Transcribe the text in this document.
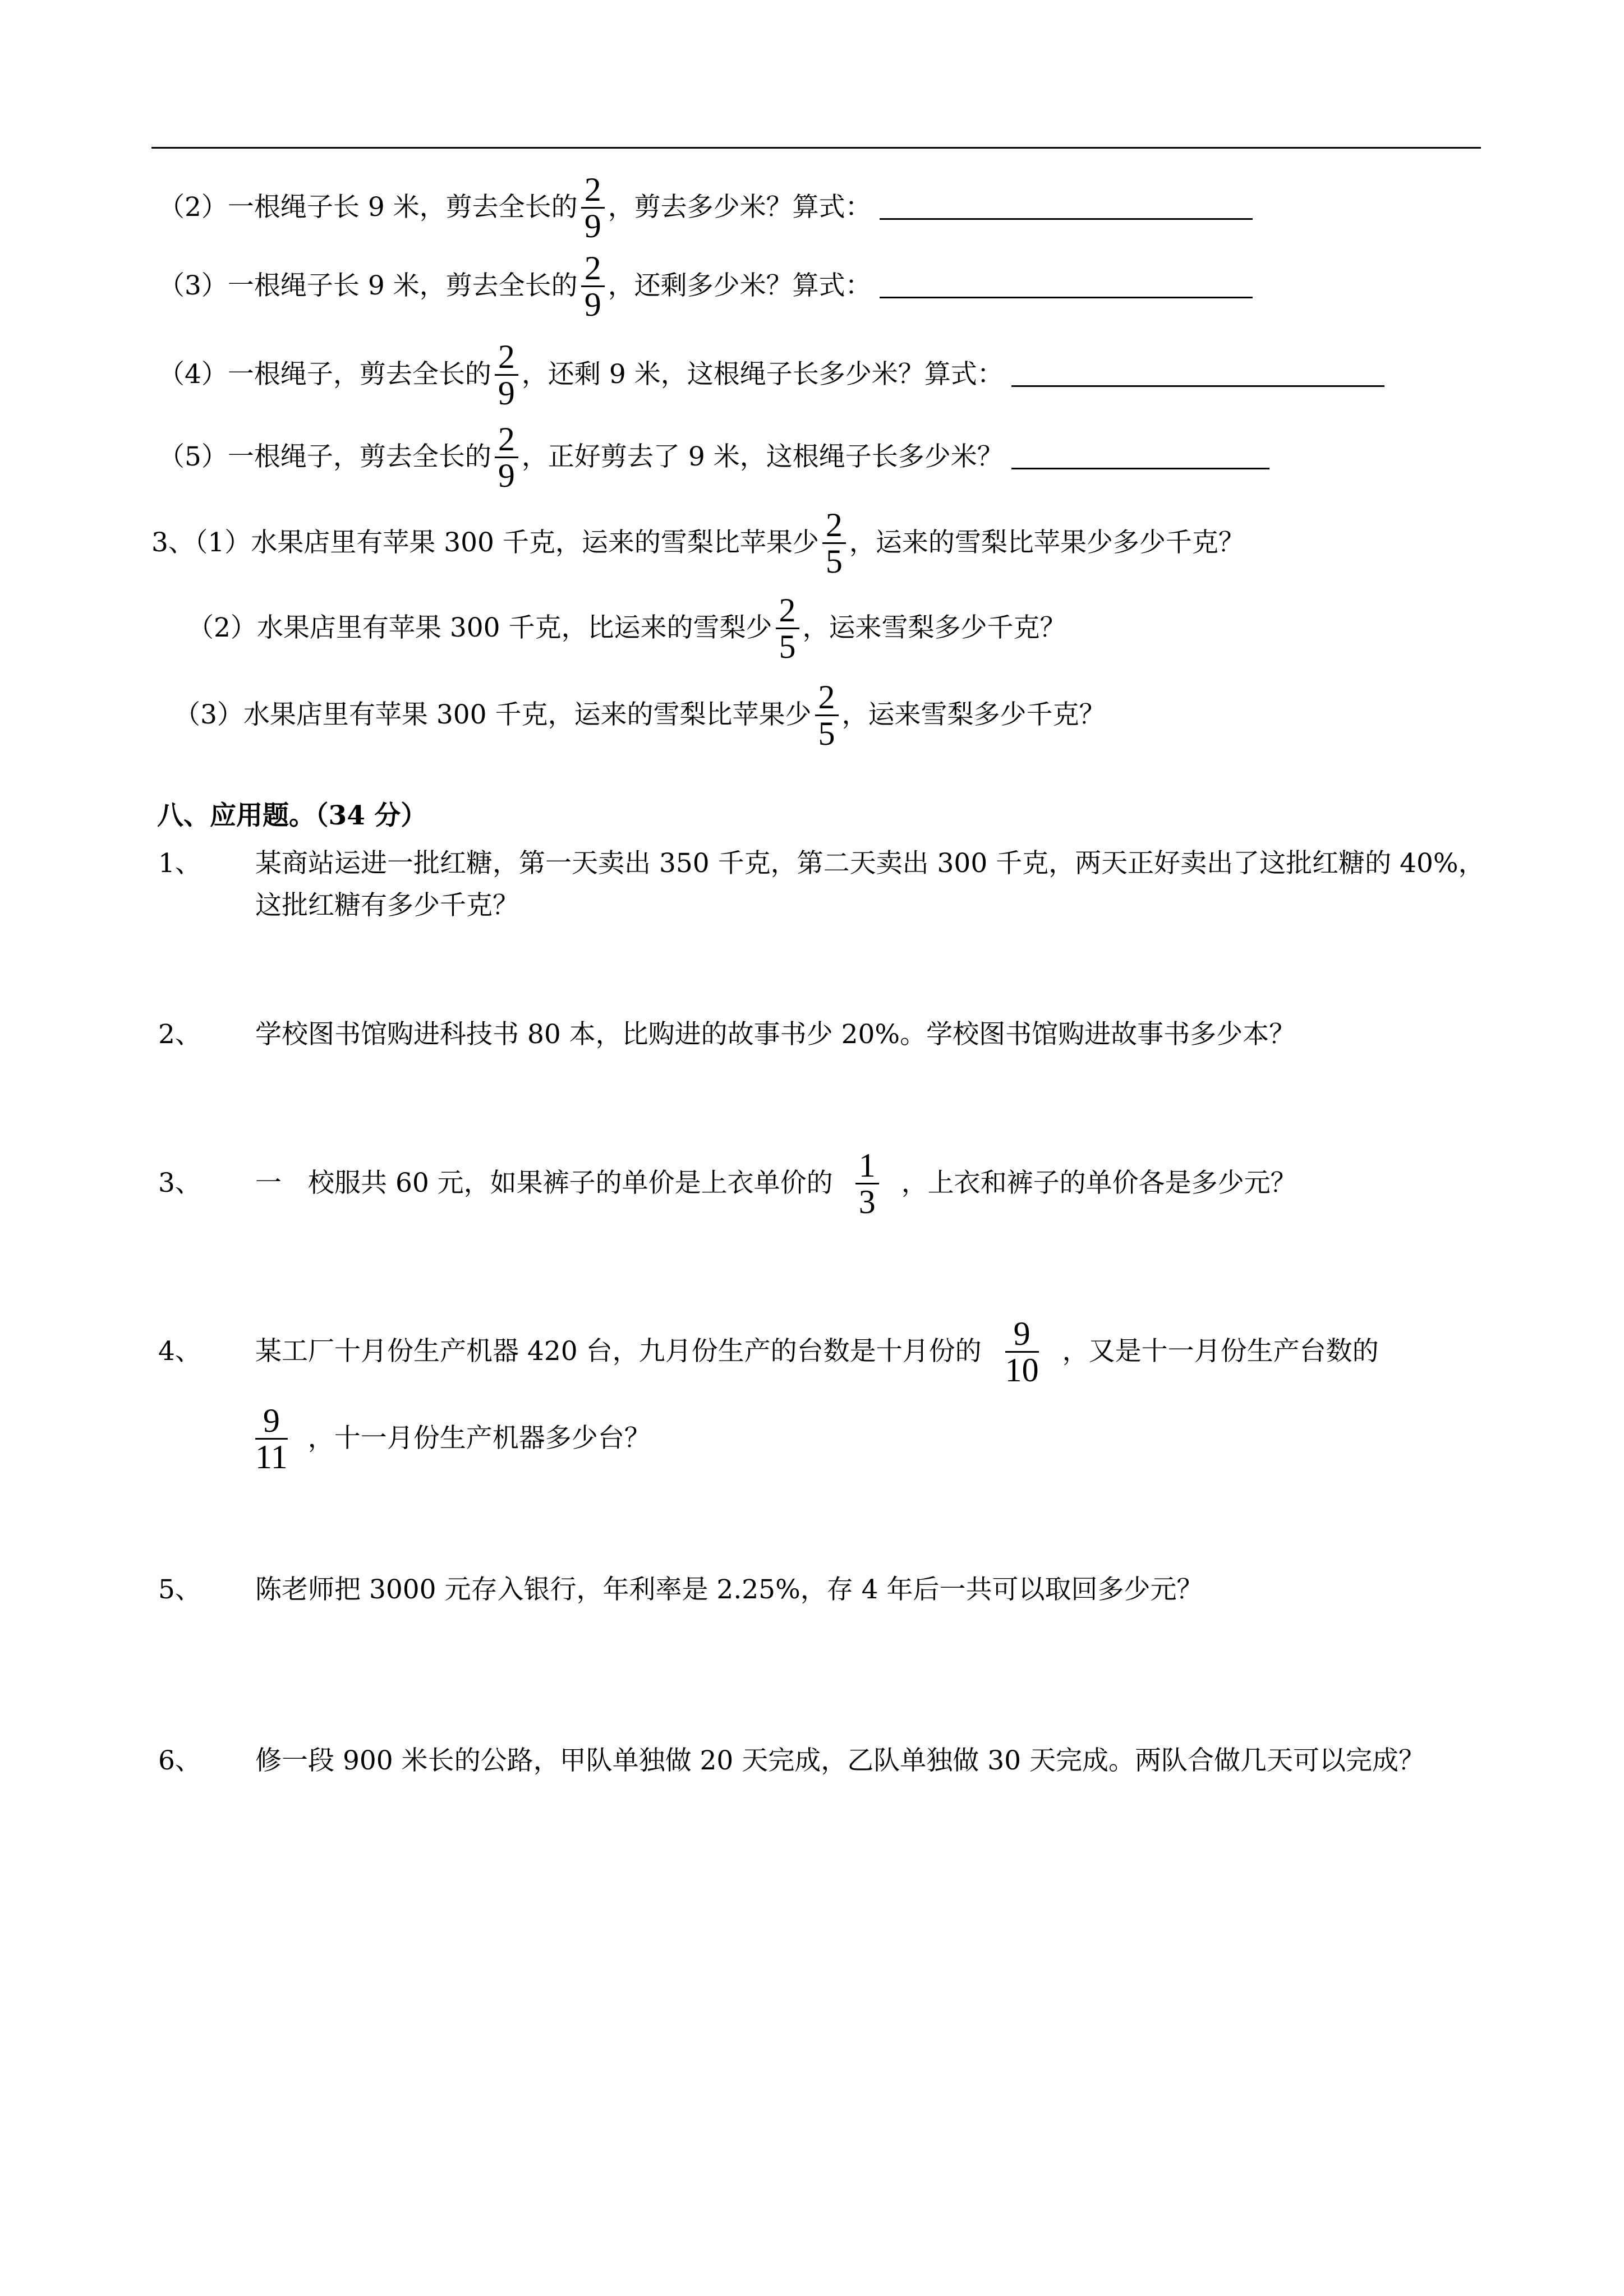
（2）一根绳子长 9 米，剪去全长的 $\frac{2}{9}$ ，剪去多少米？算式：
（3）一根绳子长 9 米，剪去全长的 $\frac{2}{9}$ ，还剩多少米？算式：
（4）一根绳子，剪去全长的 $\frac{2}{9}$ ，还剩 9 米，这根绳子长多少米？算式：
（5）一根绳子，剪去全长的 $\frac{2}{9}$ ，正好剪去了 9 米，这根绳子长多少米？
3、（1）水果店里有苹果 300 千克，运来的雪梨比苹果少 $\frac{2}{5}$ ，运来的雪梨比苹果少多少千克？
（2）水果店里有苹果 300 千克，比运来的雪梨少 $\frac{2}{5}$ ，运来雪梨多少千克？
（3）水果店里有苹果 300 千克，运来的雪梨比苹果少 $\frac{2}{5}$ ，运来雪梨多少千克？
八、应用题。（34 分）
1、 某商站运进一批红糖，第一天卖出 350 千克，第二天卖出 300 千克，两天正好卖出了这批红糖的 40%，
这批红糖有多少千克？
2、 学校图书馆购进科技书 80 本，比购进的故事书少 20%。学校图书馆购进故事书多少本？
3、 一　校服共 60 元，如果裤子的单价是上衣单价的 $\frac{1}{3}$ ，上衣和裤子的单价各是多少元？
4、 某工厂十月份生产机器 420 台，九月份生产的台数是十月份的 $\frac{9}{10}$ ，又是十一月份生产台数的
$\frac{9}{11}$ ，十一月份生产机器多少台？
5、 陈老师把 3000 元存入银行，年利率是 2.25%，存 4 年后一共可以取回多少元？
6、 修一段 900 米长的公路，甲队单独做 20 天完成，乙队单独做 30 天完成。两队合做几天可以完成？
